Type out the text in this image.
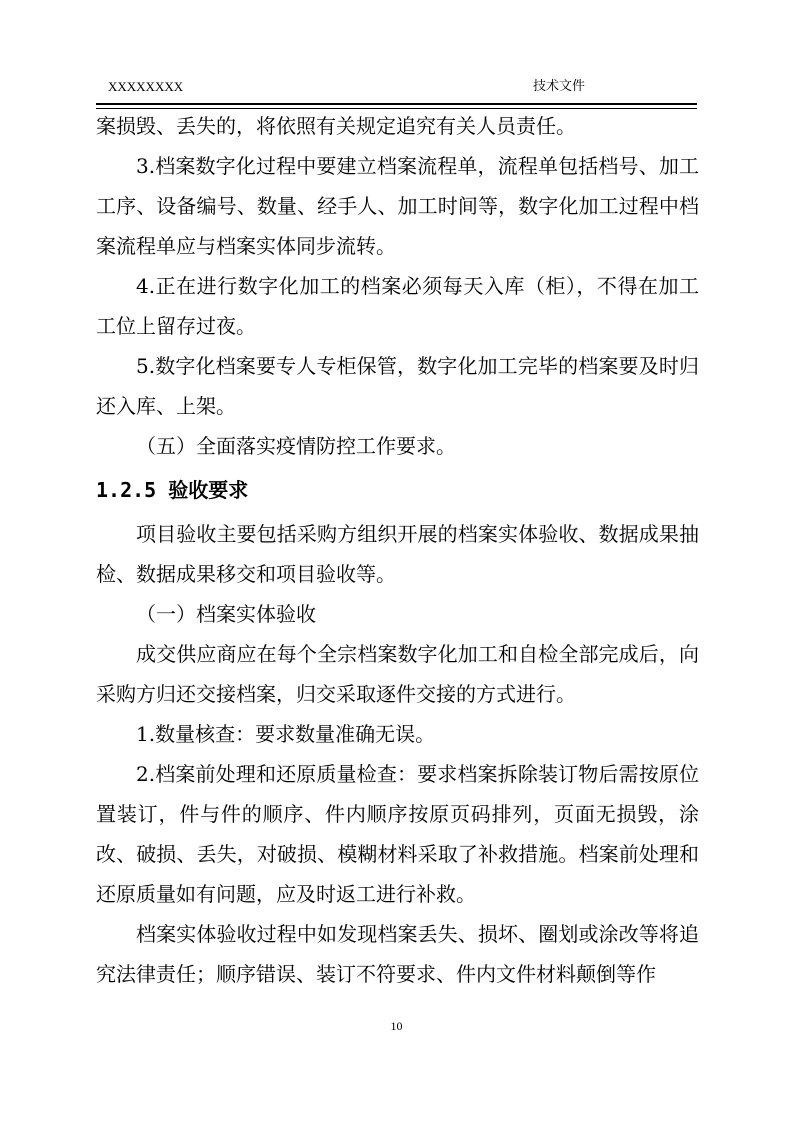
XXXXXXXX	技术文件

案损毁、丢失的，将依照有关规定追究有关人员责任。

3.档案数字化过程中要建立档案流程单，流程单包括档号、加工工序、设备编号、数量、经手人、加工时间等，数字化加工过程中档案流程单应与档案实体同步流转。

4.正在进行数字化加工的档案必须每天入库（柜），不得在加工工位上留存过夜。

5.数字化档案要专人专柜保管，数字化加工完毕的档案要及时归还入库、上架。

（五）全面落实疫情防控工作要求。

1.2.5 验收要求

项目验收主要包括采购方组织开展的档案实体验收、数据成果抽检、数据成果移交和项目验收等。

（一）档案实体验收

成交供应商应在每个全宗档案数字化加工和自检全部完成后，向采购方归还交接档案，归交采取逐件交接的方式进行。

1.数量核查：要求数量准确无误。

2.档案前处理和还原质量检查：要求档案拆除装订物后需按原位置装订，件与件的顺序、件内顺序按原页码排列，页面无损毁，涂改、破损、丢失，对破损、模糊材料采取了补救措施。档案前处理和还原质量如有问题，应及时返工进行补救。

档案实体验收过程中如发现档案丢失、损坏、圈划或涂改等将追究法律责任；顺序错误、装订不符要求、件内文件材料颠倒等作

10
